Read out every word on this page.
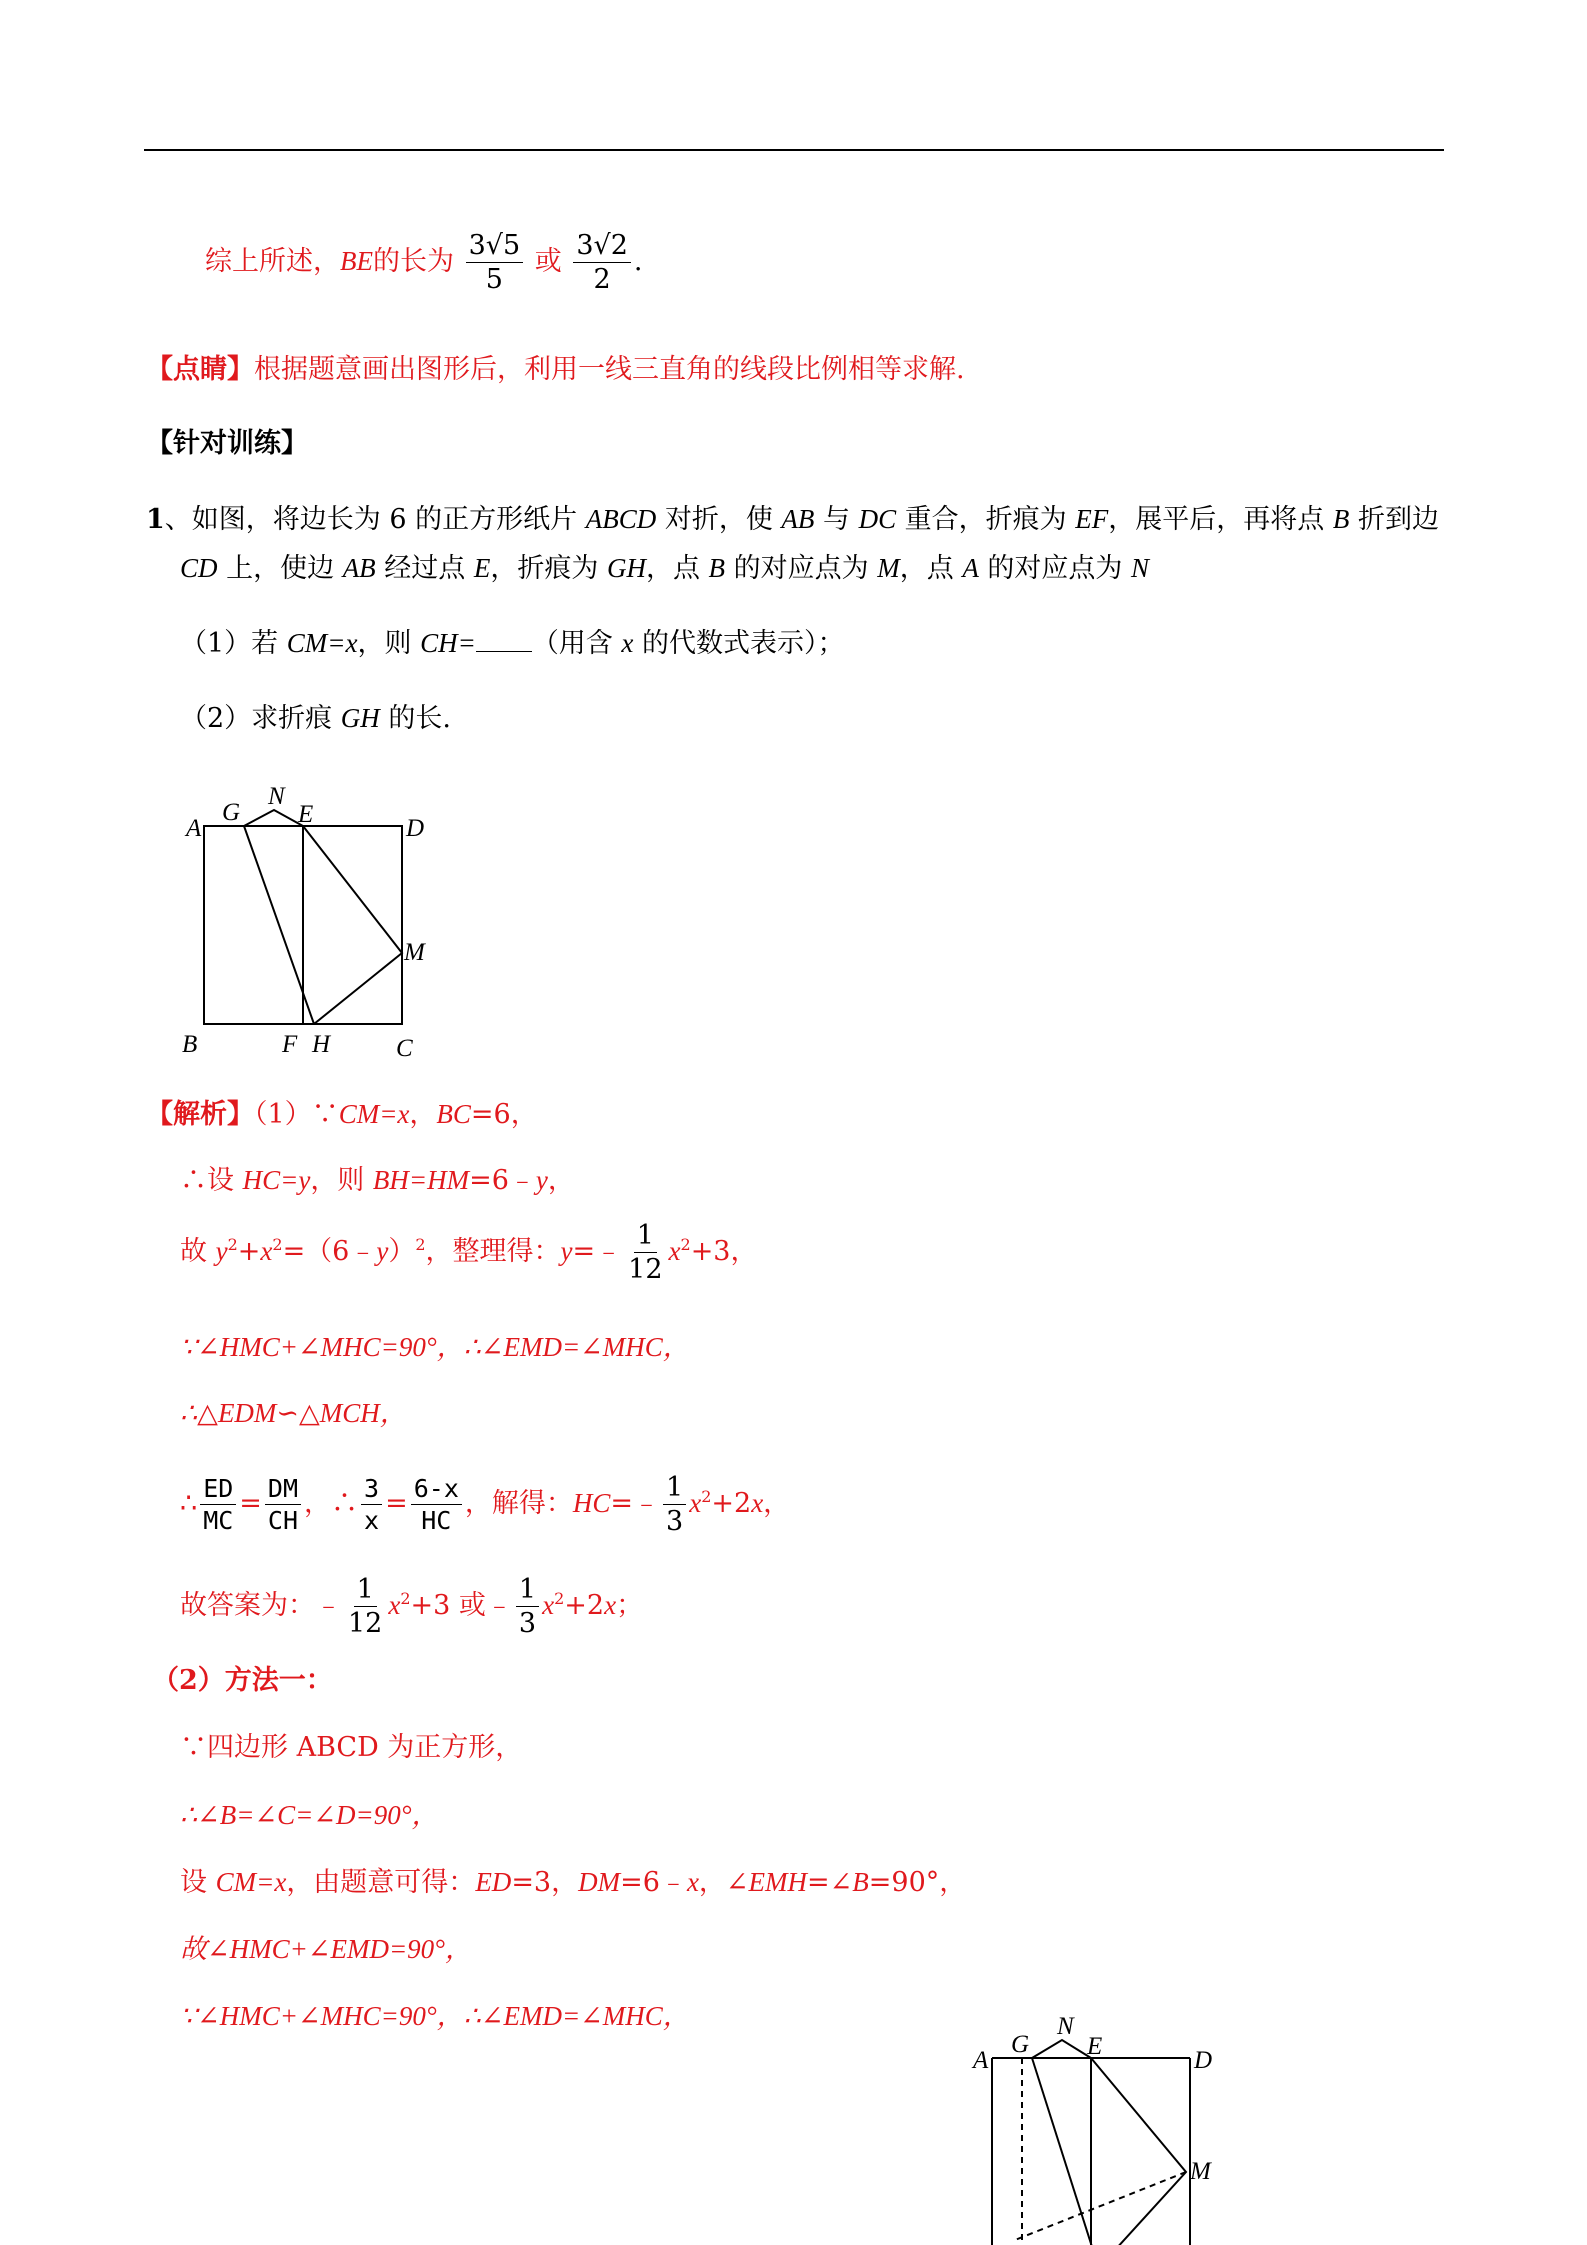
综上所述，BE的长为 $\frac{3√5}{5}$ 或 $\frac{3√2}{2}$ .
【点睛】根据题意画出图形后，利用一线三直角的线段比例相等求解.
【针对训练】
1、如图，将边长为 6 的正方形纸片 ABCD 对折，使 AB 与 DC 重合，折痕为 EF，展平后，再将点 B 折到边
CD 上，使边 AB 经过点 E，折痕为 GH，点 B 的对应点为 M，点 A 的对应点为 N
（1）若 CM=x，则 CH= （用含 x 的代数式表示）；
（2）求折痕 GH 的长.
A
G
N
E
D
M
B	F H	C
【解析】（1）∵CM=x，BC=6，
∴设 HC=y，则 BH=HM=6﹣y，
故 $y^2+x^2=(6﹣y)^2$，整理得：y=﹣ $\frac{1}{12} x^2+3$，
∵∠HMC+∠MHC=90°，∴∠EMD=∠MHC，
∴△EDM∽△MCH，
∴ $\frac{ED}{MC} = \frac{DM}{CH}$ ，∴ $\frac{3}{x} = \frac{6-x}{HC}$ ，解得：HC=﹣ $\frac{1}{3} x^2+2x$，
故答案为：﹣ $\frac{1}{12} x^2+3$ 或﹣ $\frac{1}{3} x^2+2x$；
（2）方法一：
∵四边形 ABCD 为正方形，
∴∠B=∠C=∠D=90°，
设 CM=x，由题意可得：ED=3，DM=6﹣x，∠EMH=∠B=90°，
故∠HMC+∠EMD=90°，
∵∠HMC+∠MHC=90°，∴∠EMD=∠MHC，
A
G
N
E
D
M
